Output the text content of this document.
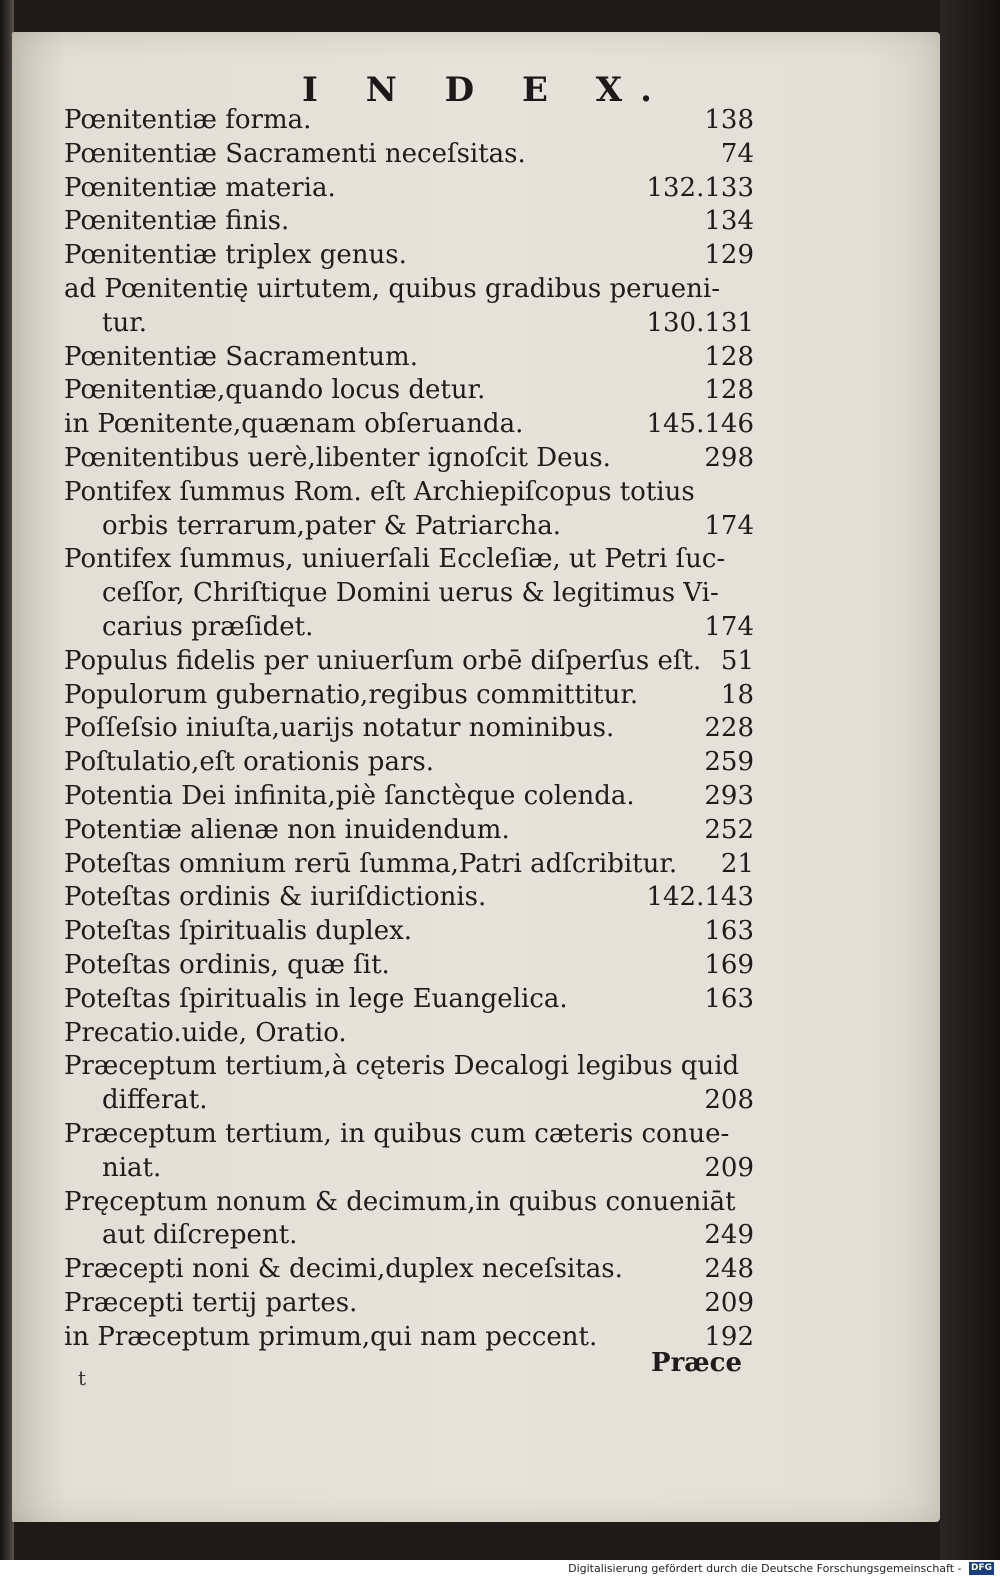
I N D E X.
Pœnitentiæ forma.	138
Pœnitentiæ Sacramenti neceſsitas.	74
Pœnitentiæ materia.	132.133
Pœnitentiæ finis.	134
Pœnitentiæ triplex genus.	129
ad Pœnitentię uirtutem, quibus gradibus perueni-
tur.	130.131
Pœnitentiæ Sacramentum.	128
Pœnitentiæ,quando locus detur.	128
in Pœnitente,quænam obſeruanda.	145.146
Pœnitentibus uerè,libenter ignoſcit Deus.	298
Pontifex ſummus Rom. eſt Archiepiſcopus totius
orbis terrarum,pater & Patriarcha.	174
Pontifex ſummus, uniuerſali Eccleſiæ, ut Petri ſuc-
ceſſor, Chriſtique Domini uerus & legitimus Vi-
carius præſidet.	174
Populus fidelis per uniuerſum orbē diſperſus eſt. 51
Populorum gubernatio,regibus committitur.	18
Poſſeſsio iniuſta,uarijs notatur nominibus.	228
Poſtulatio,eſt orationis pars.	259
Potentia Dei infinita,piè ſanctèque colenda.	293
Potentiæ alienæ non inuidendum.	252
Poteſtas omnium rerū ſumma,Patri adſcribitur. 21
Poteſtas ordinis & iuriſdictionis.	142.143
Poteſtas ſpiritualis duplex.	163
Poteſtas ordinis, quæ ſit.	169
Poteſtas ſpiritualis in lege Euangelica.	163
Precatio.uide, Oratio.
Præceptum tertium,à cęteris Decalogi legibus quid
differat.	208
Præceptum tertium, in quibus cum cæteris conue-
niat.	209
Pręceptum nonum & decimum,in quibus conueniāt
aut diſcrepent.	249
Præcepti noni & decimi,duplex neceſsitas.	248
Præcepti tertij partes.	209
in Præceptum primum,qui nam peccent.	192
Præce
t
Digitalisierung gefördert durch die Deutsche Forschungsgemeinschaft - DFG
